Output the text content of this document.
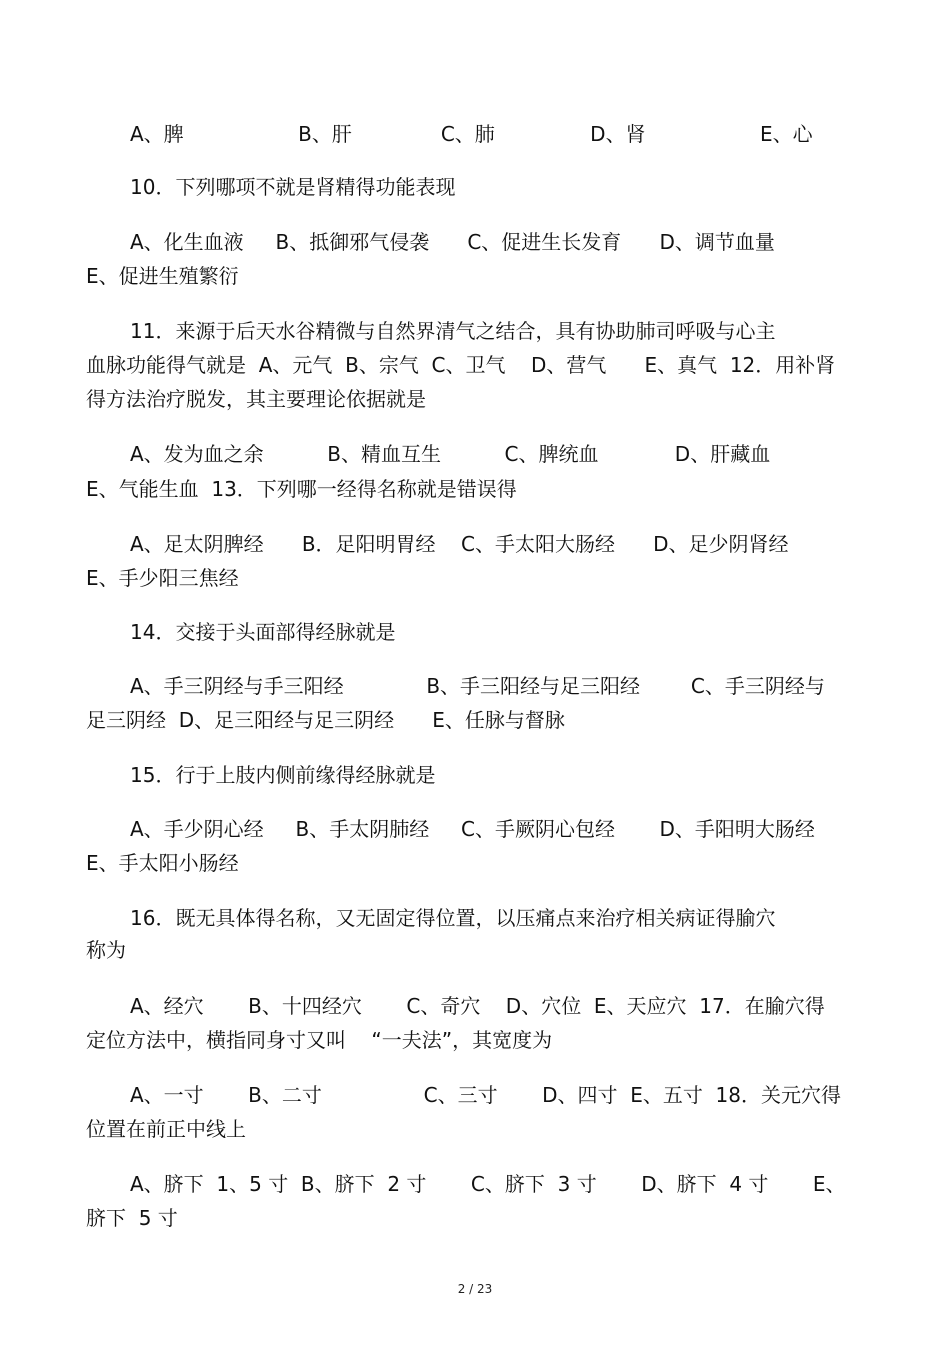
A、脾                  B、肝              C、肺               D、肾                  E、心
10．下列哪项不就是肾精得功能表现
A、化生血液     B、抵御邪气侵袭      C、促进生长发育      D、调节血量
E、促进生殖繁衍
11．来源于后天水谷精微与自然界清气之结合，具有协助肺司呼吸与心主
血脉功能得气就是  A、元气  B、宗气  C、卫气    D、营气      E、真气  12．用补肾
得方法治疗脱发，其主要理论依据就是
A、发为血之余          B、精血互生          C、脾统血            D、肝藏血
E、气能生血  13．下列哪一经得名称就是错误得
A、足太阴脾经      B．足阳明胃经    C、手太阳大肠经      D、足少阴肾经
E、手少阳三焦经
14．交接于头面部得经脉就是
A、手三阴经与手三阳经             B、手三阳经与足三阳经        C、手三阴经与
足三阴经  D、足三阳经与足三阴经      E、任脉与督脉
15．行于上肢内侧前缘得经脉就是
A、手少阴心经     B、手太阴肺经     C、手厥阴心包经       D、手阳明大肠经
E、手太阳小肠经
16．既无具体得名称，又无固定得位置，以压痛点来治疗相关病证得腧穴
称为
A、经穴       B、十四经穴       C、奇穴    D、穴位  E、天应穴  17．在腧穴得
定位方法中，横指同身寸又叫    “一夫法”，其宽度为
A、一寸       B、二寸                C、三寸       D、四寸  E、五寸  18．关元穴得
位置在前正中线上
A、脐下  1、5 寸  B、脐下  2 寸       C、脐下  3 寸       D、脐下  4 寸       E、
脐下  5 寸
2 / 23
